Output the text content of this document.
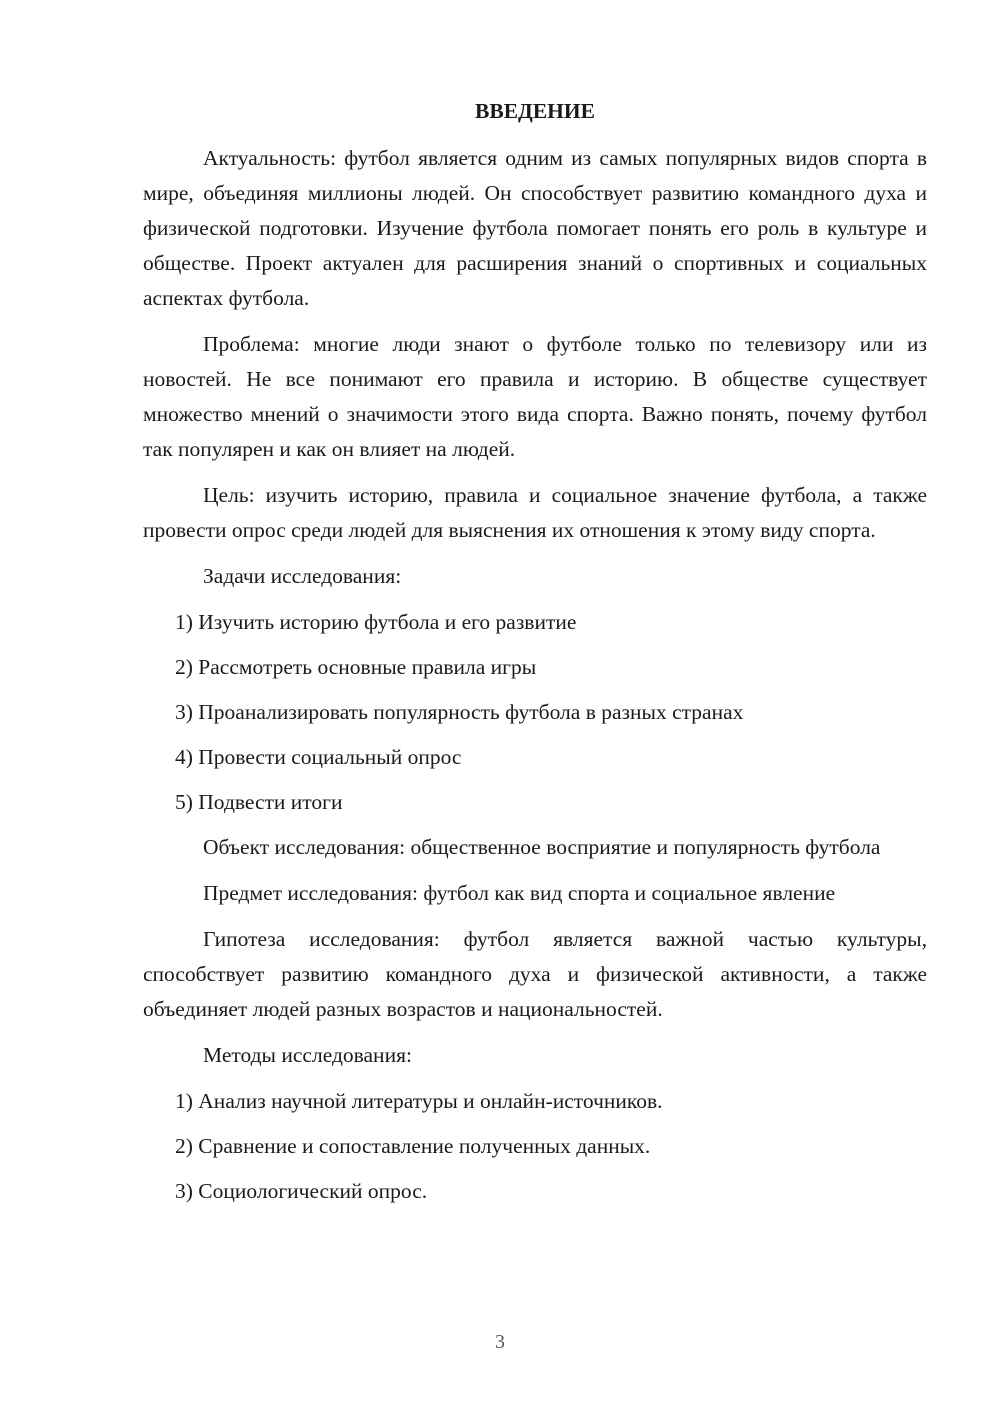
ВВЕДЕНИЕ

Актуальность: футбол является одним из самых популярных видов спорта в мире, объединяя миллионы людей. Он способствует развитию командного духа и физической подготовки. Изучение футбола помогает понять его роль в культуре и обществе. Проект актуален для расширения знаний о спортивных и социальных аспектах футбола.

Проблема: многие люди знают о футболе только по телевизору или из новостей. Не все понимают его правила и историю. В обществе существует множество мнений о значимости этого вида спорта. Важно понять, почему футбол так популярен и как он влияет на людей.

Цель: изучить историю, правила и социальное значение футбола, а также провести опрос среди людей для выяснения их отношения к этому виду спорта.

Задачи исследования:

1) Изучить историю футбола и его развитие
2) Рассмотреть основные правила игры
3) Проанализировать популярность футбола в разных странах
4) Провести социальный опрос
5) Подвести итоги

Объект исследования: общественное восприятие и популярность футбола

Предмет исследования: футбол как вид спорта и социальное явление

Гипотеза исследования: футбол является важной частью культуры, способствует развитию командного духа и физической активности, а также объединяет людей разных возрастов и национальностей.

Методы исследования:

1) Анализ научной литературы и онлайн-источников.
2) Сравнение и сопоставление полученных данных.
3) Социологический опрос.
3
